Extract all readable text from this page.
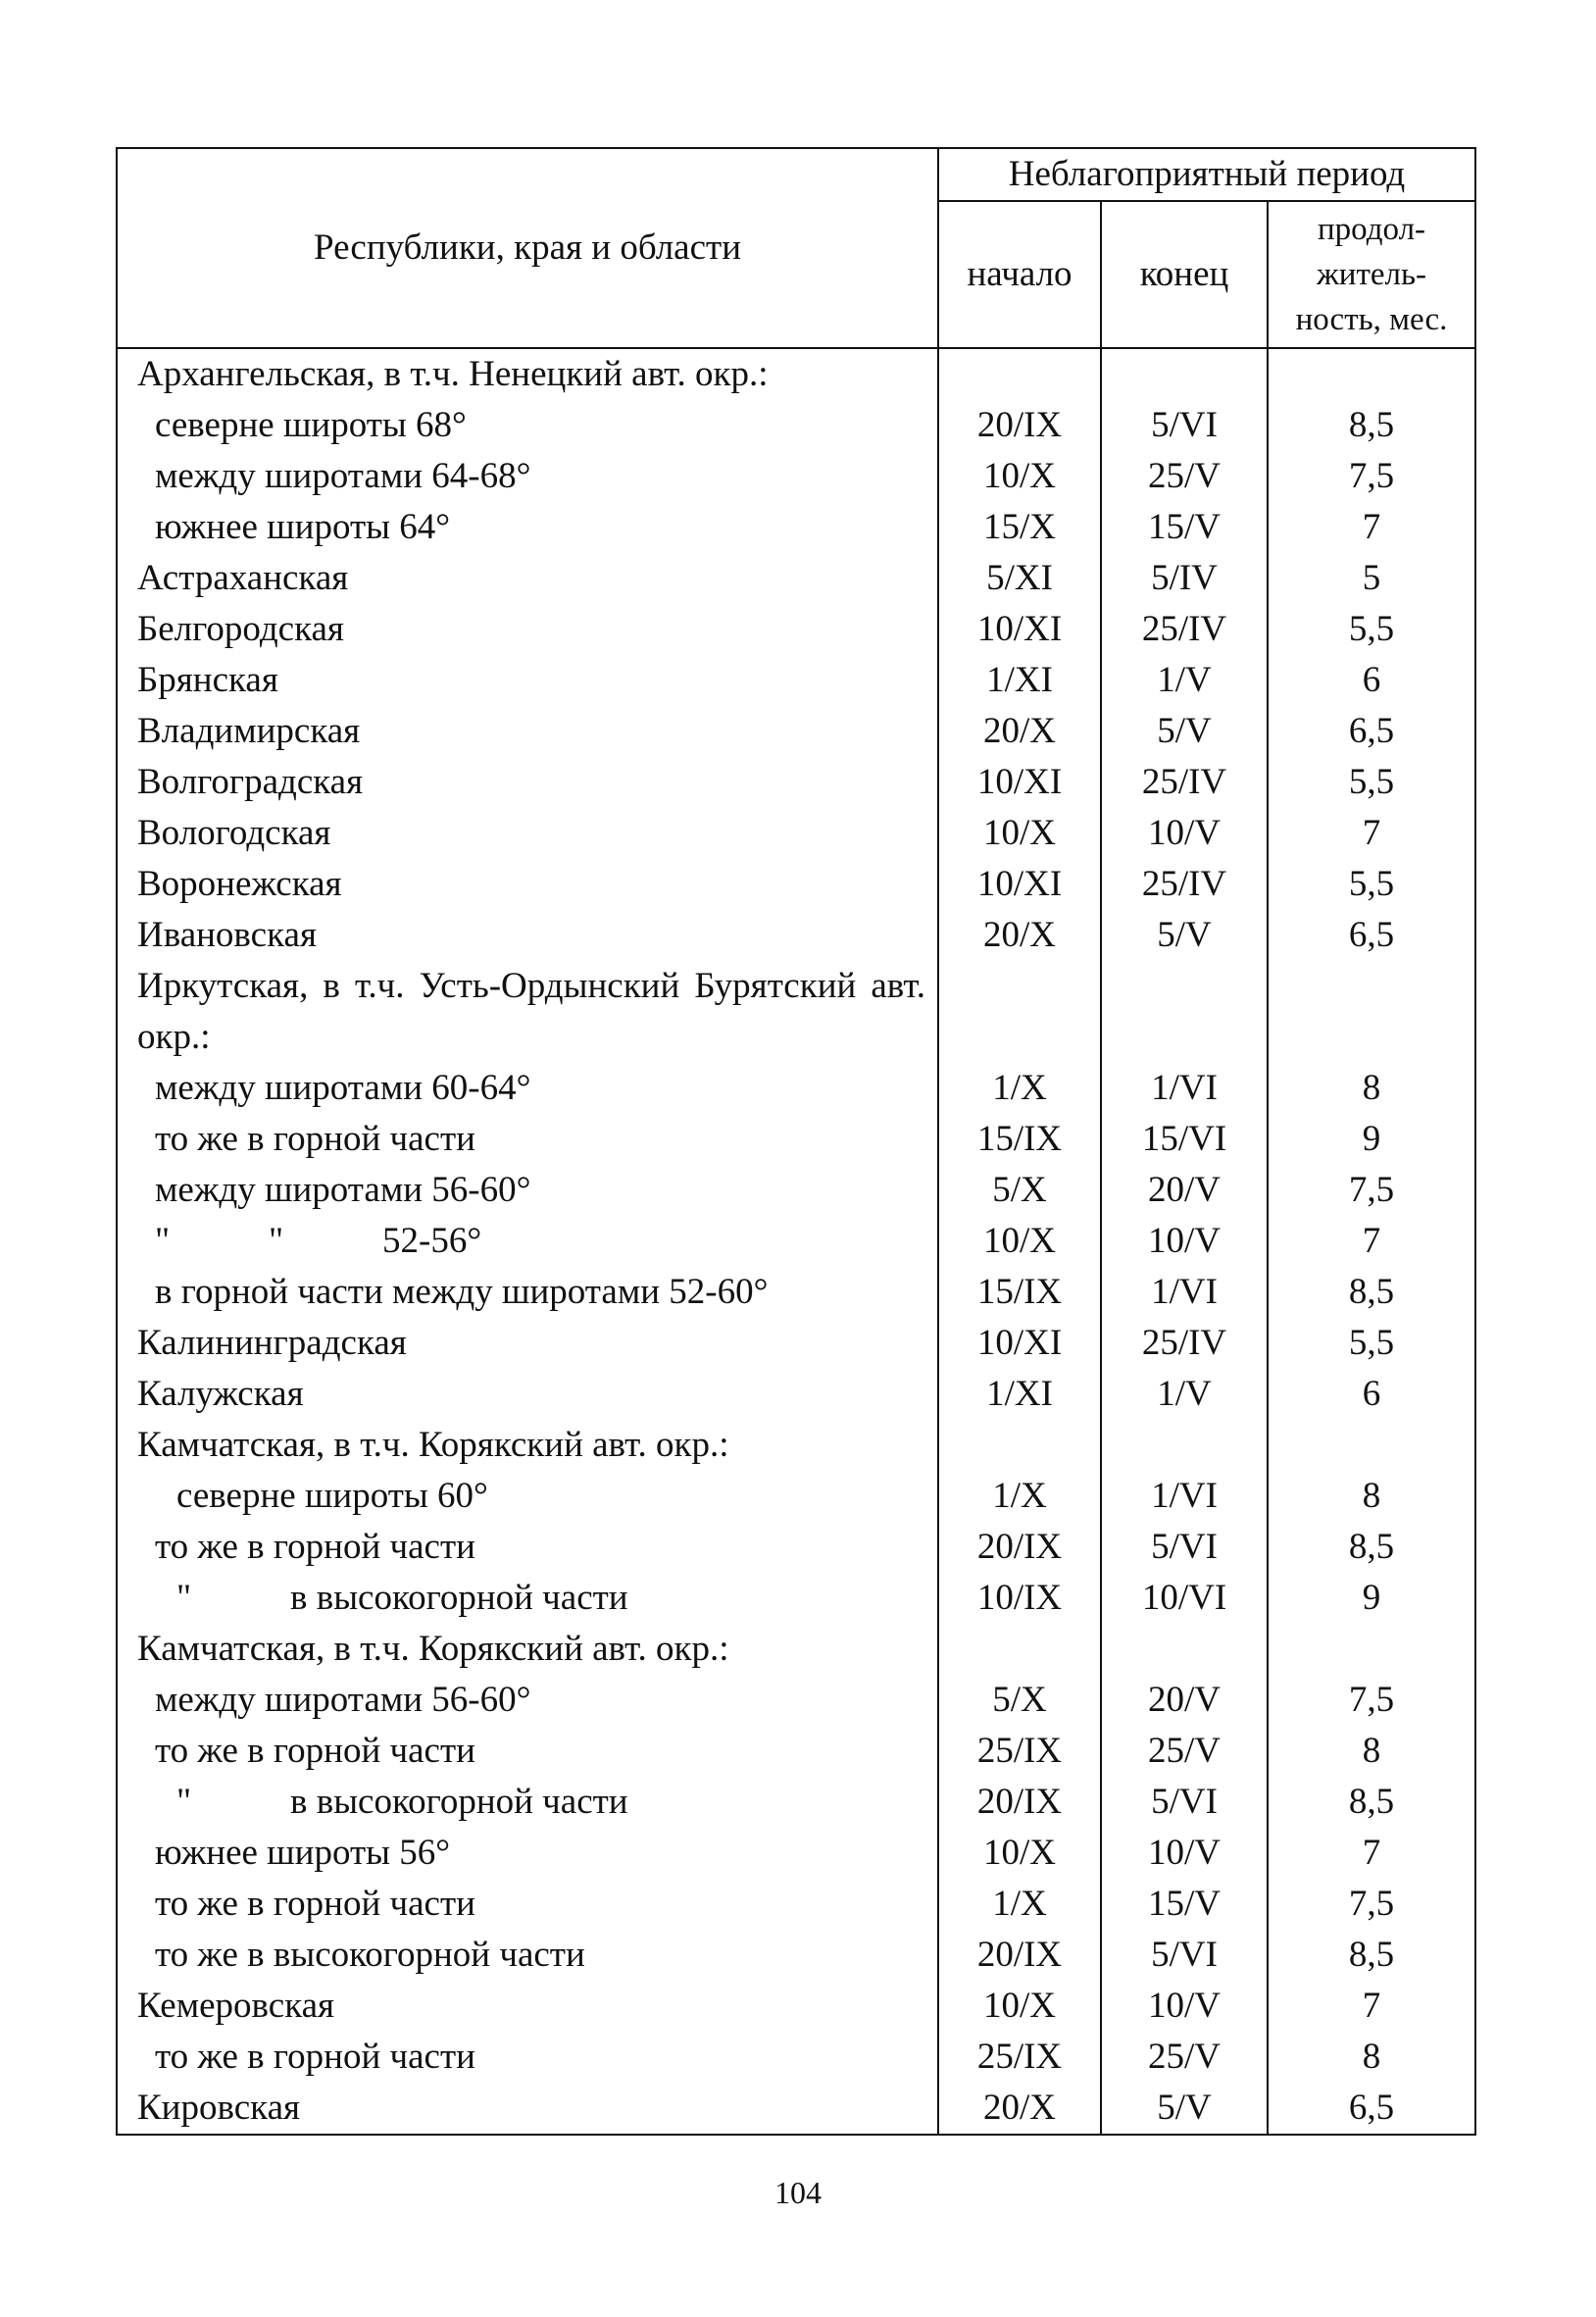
Республики, края и области	Неблагоприятный период		
	начало	конец	продол-
житель-
ность, мес.

Архангельская, в т.ч. Ненецкий авт. окр.:			
северне широты 68°	20/IX	5/VI	8,5
между широтами 64-68°	10/X	25/V	7,5
южнее широты 64°	15/X	15/V	7
Астраханская	5/XI	5/IV	5
Белгородская	10/XI	25/IV	5,5
Брянская	1/XI	1/V	6
Владимирская	20/X	5/V	6,5
Волгоградская	10/XI	25/IV	5,5
Вологодская	10/X	10/V	7
Воронежская	10/XI	25/IV	5,5
Ивановская	20/X	5/V	6,5
Иркутская, в т.ч. Усть-Ордынский Бурятский авт. окр.:			
между широтами 60-64°	1/X	1/VI	8
то же в горной части	15/IX	15/VI	9
между широтами 56-60°	5/X	20/V	7,5
" " 52-56°	10/X	10/V	7
в горной части между широтами 52-60°	15/IX	1/VI	8,5
Калининградская	10/XI	25/IV	5,5
Калужская	1/XI	1/V	6
Камчатская, в т.ч. Корякский авт. окр.:			
северне широты 60°	1/X	1/VI	8
то же в горной части	20/IX	5/VI	8,5
" в высокогорной части	10/IX	10/VI	9
Камчатская, в т.ч. Корякский авт. окр.:			
между широтами 56-60°	5/X	20/V	7,5
то же в горной части	25/IX	25/V	8
" в высокогорной части	20/IX	5/VI	8,5
южнее широты 56°	10/X	10/V	7
то же в горной части	1/X	15/V	7,5
то же в высокогорной части	20/IX	5/VI	8,5
Кемеровская	10/X	10/V	7
то же в горной части	25/IX	25/V	8
Кировская	20/X	5/V	6,5
104
